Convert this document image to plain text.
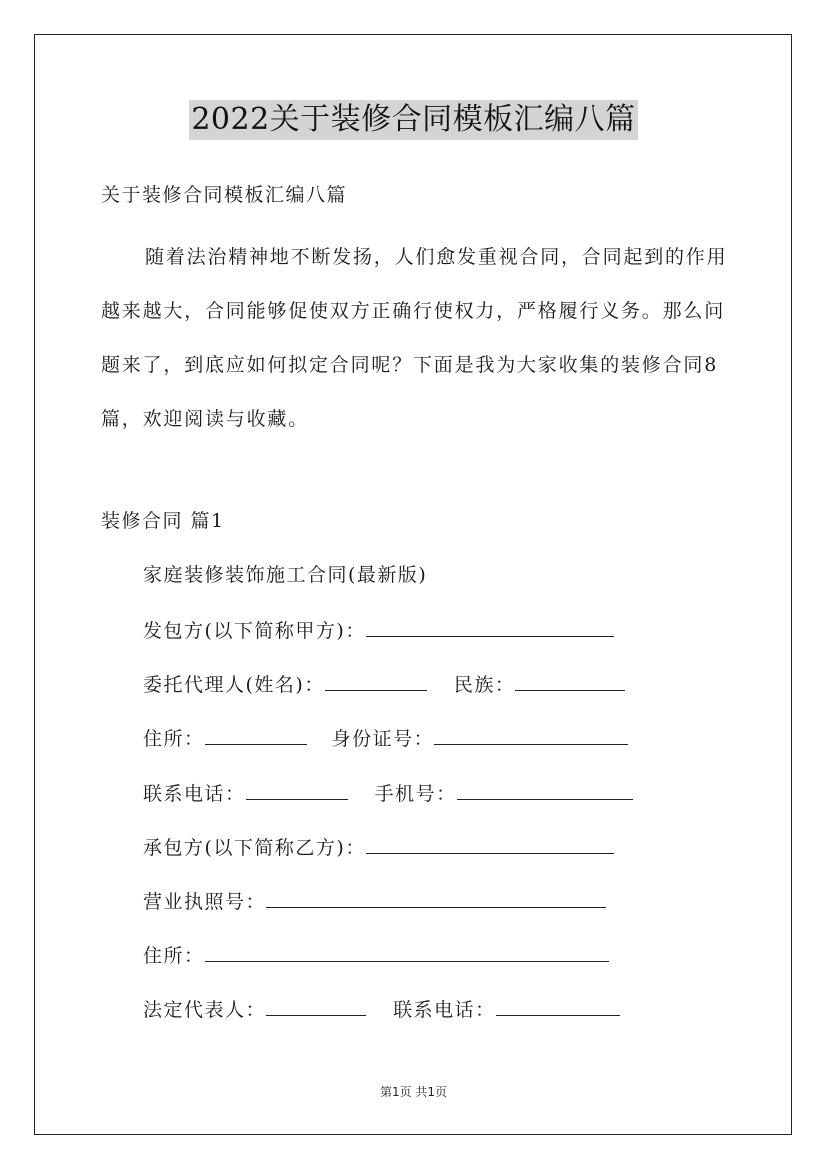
2022关于装修合同模板汇编八篇
关于装修合同模板汇编八篇
随着法治精神地不断发扬，人们愈发重视合同，合同起到的作用越来越大，合同能够促使双方正确行使权力，严格履行义务。那么问题来了，到底应如何拟定合同呢？下面是我为大家收集的装修合同8篇，欢迎阅读与收藏。
装修合同 篇1
家庭装修装饰施工合同(最新版)
发包方(以下简称甲方)：
委托代理人(姓名)：	民族：
住所：	身份证号：
联系电话：	手机号：
承包方(以下简称乙方)：
营业执照号：
住所：
法定代表人：	联系电话：
第1页 共1页
